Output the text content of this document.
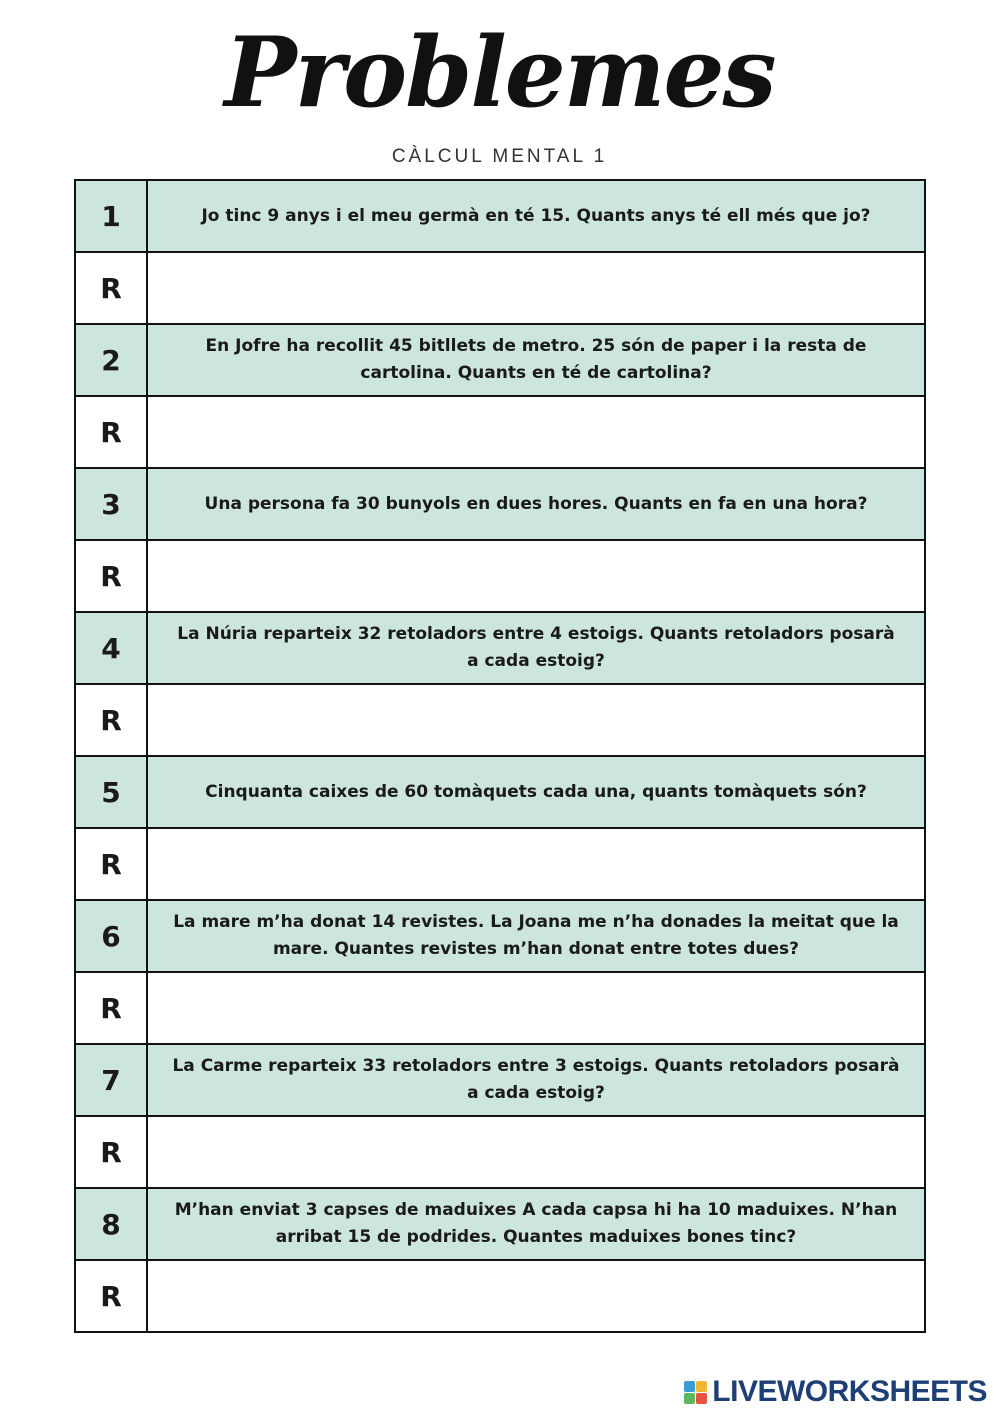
Problemes
CÀLCUL MENTAL 1
1	Jo tinc 9 anys i el meu germà en té 15. Quants anys té ell més que jo?
R	

2	En Jofre ha recollit 45 bitllets de metro. 25 són de paper i la resta de cartolina. Quants en té de cartolina?
R	

3	Una persona fa 30 bunyols en dues hores. Quants en fa en una hora?
R	

4	La Núria reparteix 32 retoladors entre 4 estoigs. Quants retoladors posarà a cada estoig?
R	

5	Cinquanta caixes de 60 tomàquets cada una, quants tomàquets són?
R	

6	La mare m’ha donat 14 revistes. La Joana me n’ha donades la meitat que la mare. Quantes revistes m’han donat entre totes dues?
R	

7	La Carme reparteix 33 retoladors entre 3 estoigs. Quants retoladors posarà a cada estoig?
R	

8	M’han enviat 3 capses de maduixes A cada capsa hi ha 10 maduixes. N’han arribat 15 de podrides. Quantes maduixes bones tinc?
R	
LIVEWORKSHEETS
